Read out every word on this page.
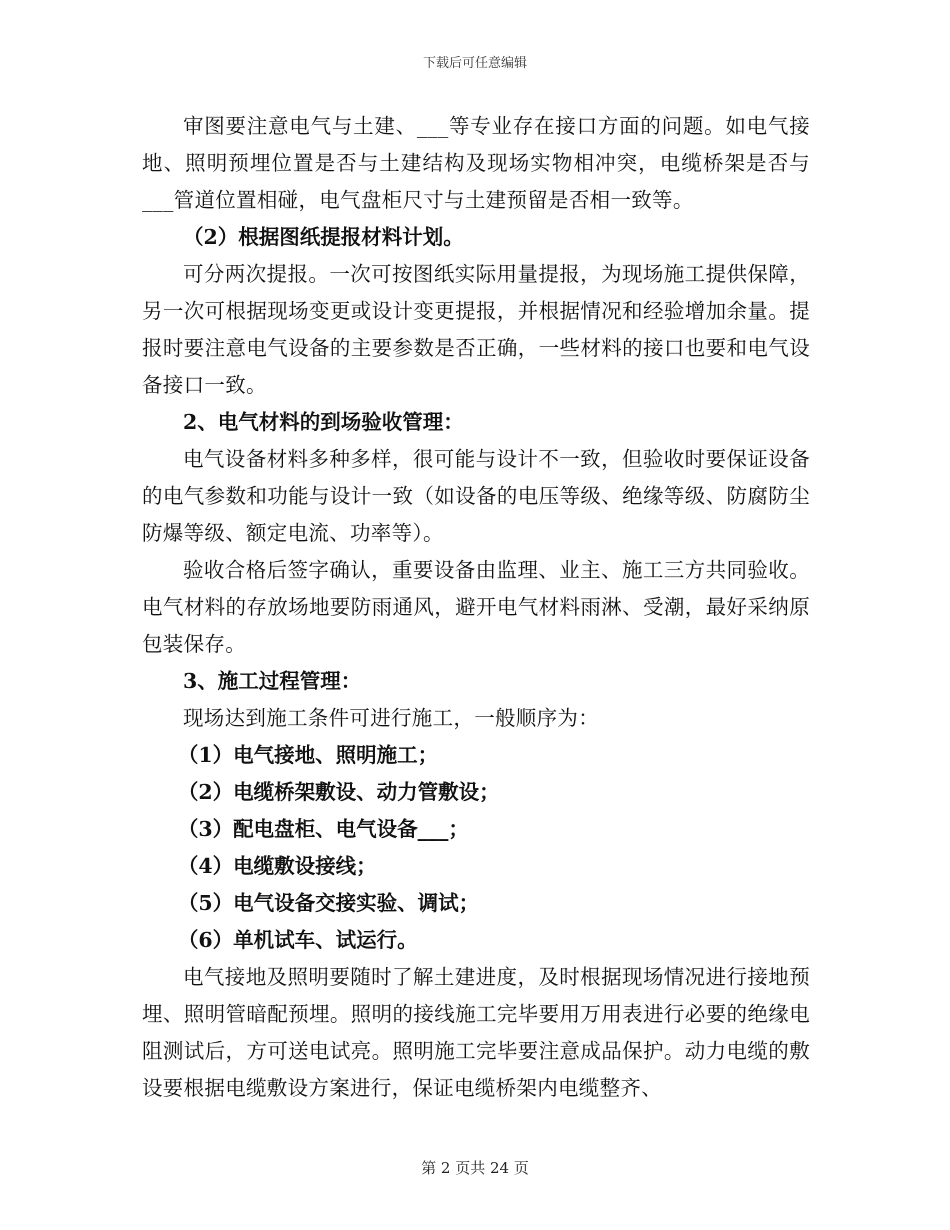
下载后可任意编辑

审图要注意电气与土建、___等专业存在接口方面的问题。如电气接地、照明预埋位置是否与土建结构及现场实物相冲突，电缆桥架是否与___管道位置相碰，电气盘柜尺寸与土建预留是否相一致等。

（2）根据图纸提报材料计划。

可分两次提报。一次可按图纸实际用量提报，为现场施工提供保障，另一次可根据现场变更或设计变更提报，并根据情况和经验增加余量。提报时要注意电气设备的主要参数是否正确，一些材料的接口也要和电气设备接口一致。

2、电气材料的到场验收管理：

电气设备材料多种多样，很可能与设计不一致，但验收时要保证设备的电气参数和功能与设计一致（如设备的电压等级、绝缘等级、防腐防尘防爆等级、额定电流、功率等）。

验收合格后签字确认，重要设备由监理、业主、施工三方共同验收。电气材料的存放场地要防雨通风，避开电气材料雨淋、受潮，最好采纳原包装保存。

3、施工过程管理：

现场达到施工条件可进行施工，一般顺序为：

（1）电气接地、照明施工；

（2）电缆桥架敷设、动力管敷设；

（3）配电盘柜、电气设备___；

（4）电缆敷设接线；

（5）电气设备交接实验、调试；

（6）单机试车、试运行。

电气接地及照明要随时了解土建进度，及时根据现场情况进行接地预埋、照明管暗配预埋。照明的接线施工完毕要用万用表进行必要的绝缘电阻测试后，方可送电试亮。照明施工完毕要注意成品保护。动力电缆的敷设要根据电缆敷设方案进行，保证电缆桥架内电缆整齐、

第 2 页共 24 页
